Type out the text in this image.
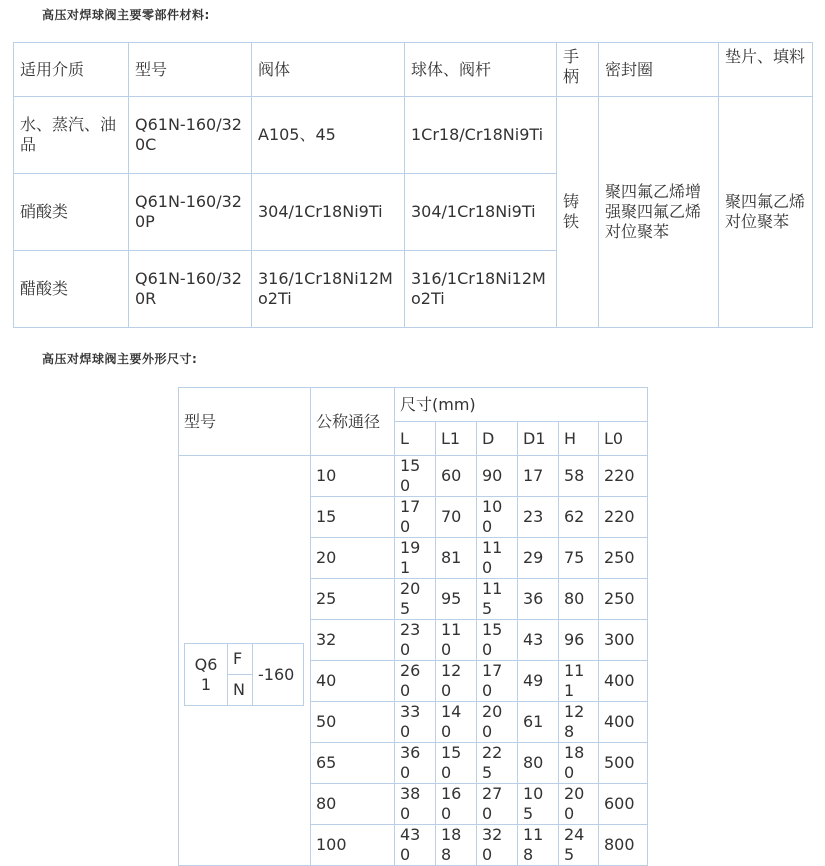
高压对焊球阀主要零部件材料:
适用介质	型号	阀体	球体、阀杆	手柄	密封圈	垫片、填料
水、蒸汽、油品	Q61N-160/320C	A105、45	1Cr18/Cr18Ni9Ti	铸铁	聚四氟乙烯增强聚四氟乙烯对位聚苯	聚四氟乙烯对位聚苯
硝酸类	Q61N-160/320P	304/1Cr18Ni9Ti	304/1Cr18Ni9Ti			
醋酸类	Q61N-160/320R	316/1Cr18Ni12Mo2Ti	316/1Cr18Ni12Mo2Ti			
高压对焊球阀主要外形尺寸:
型号	公称通径	尺寸(mm)
L	L1	D	D1	H	L0

Q61	F	-160
N
	10	150	60	90	17	58	220
15	170	70	100	23	62	220
20	191	81	110	29	75	250
25	205	95	115	36	80	250
32	230	110	150	43	96	300
40	260	120	170	49	111	400
50	330	140	200	61	128	400
65	360	150	225	80	180	500
80	380	160	270	105	200	600
100	430	188	320	118	245	800
